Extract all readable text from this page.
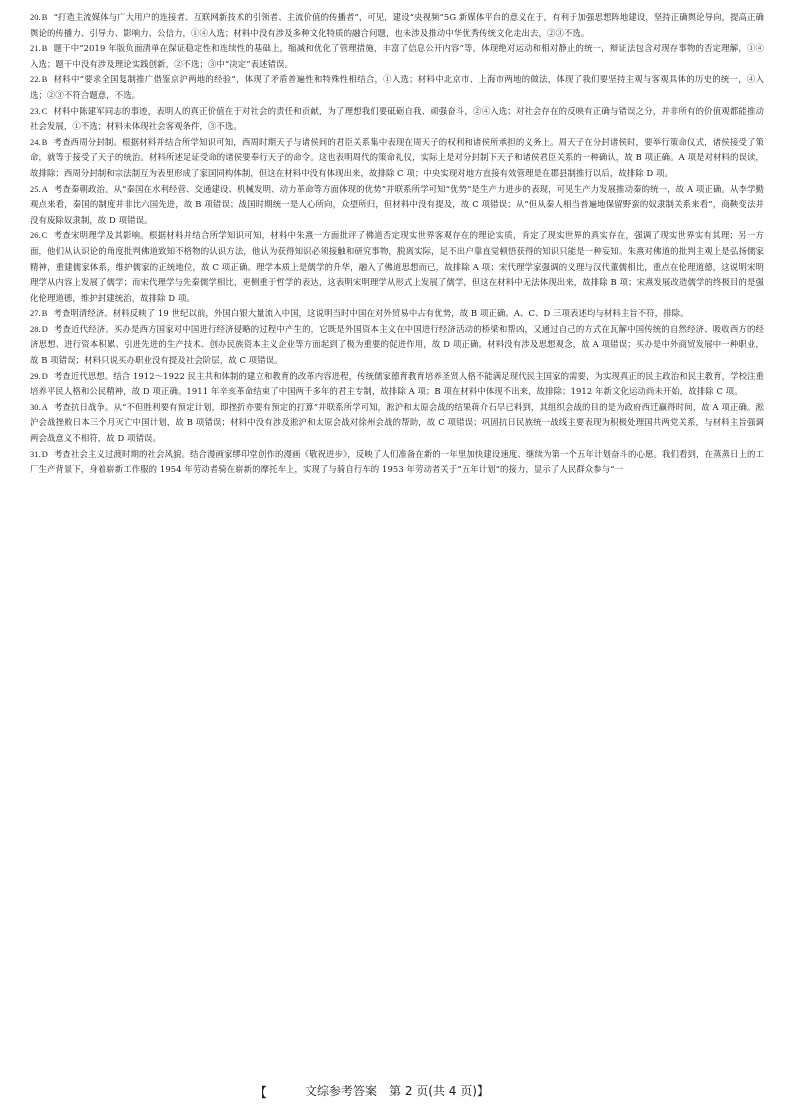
20.B “打造主流媒体与广大用户的连接者、互联网新技术的引领者、主流价值的传播者”，可见，建设“央视频”5G 新媒体平台的意义在于，有利于加强思想阵地建设，坚持正确舆论导向，提高正确舆论的传播力、引导力、影响力、公信力，①④入选；材料中没有涉及多种文化特质的融合问题，也未涉及推动中华优秀传统文化走出去，②③不选。

21.B 题干中“2019 年版负面清单在保证稳定性和连续性的基础上，缩减和优化了管理措施，丰富了信息公开内容”等，体现绝对运动和相对静止的统一，辩证法包含对现存事物的否定理解，①④入选；题干中没有涉及理论实践创新，②不选；③中“决定”表述错误。

22.B 材料中“要求全国复制推广借鉴京沪两地的经验”，体现了矛盾普遍性和特殊性相结合，①入选；材料中北京市、上海市两地的做法，体现了我们要坚持主观与客观具体的历史的统一，④入选；②③不符合题意，不选。

23.C 材料中陈建军同志的事迹，表明人的真正价值在于对社会的责任和贡献，为了理想我们要砥砺自我、顽强奋斗，②④入选；对社会存在的反映有正确与错误之分，并非所有的价值观都能推动社会发展，①不选；材料未体现社会客观条件，③不选。

24.B 考查西周分封制。根据材料并结合所学知识可知，西周时期天子与诸侯间的君臣关系集中表现在周天子的权利和诸侯所承担的义务上。周天子在分封诸侯时，要举行策命仪式，诸侯接受了策命，就等于接受了天子的统治。材料所述足证受命的诸侯要奉行天子的命令。这也表明周代的策命礼仪，实际上是对分封制下天子和诸侯君臣关系的一种确认，故 B 项正确。A 项是对材料的误读，故排除；西周分封制和宗法制互为表里形成了家国同构体制，但这在材料中没有体现出来，故排除 C 项；中央实现对地方直接有效管理是在郡县制推行以后，故排除 D 项。

25.A 考查秦朝政治。从“秦国在水利经营、交通建设、机械发明、动力革命等方面体现的优势”并联系所学可知“优势”是生产力进步的表现，可见生产力发展推动秦的统一，故 A 项正确。从李学勤观点来看，秦国的制度并非比六国先进，故 B 项错误；战国时期统一是人心所向，众望所归，但材料中没有提及，故 C 项错误；从“但从秦人相当普遍地保留野蛮的奴隶制关系来看”，商鞅变法并没有废除奴隶制，故 D 项错误。

26.C 考查宋明理学及其影响。根据材料并结合所学知识可知，材料中朱熹一方面批评了佛道否定现实世界客观存在的理论实质，肯定了现实世界的真实存在，强调了现实世界实有其理；另一方面，他们从认识论的角度批判佛道致知不格物的认识方法，他认为获得知识必须接触和研究事物，脱离实际，足不出户靠直觉顿悟获得的知识只能是一种妄知。朱熹对佛道的批判主观上是弘扬儒家精神，重建儒家体系，维护儒家的正统地位，故 C 项正确。理学本质上是儒学的升华，融入了佛道思想而已，故排除 A 项；宋代理学家强调的义理与汉代董儒相比，重点在伦理道德，这说明宋明理学从内容上发展了儒学；而宋代理学与先秦儒学相比，更侧重于哲学的表达，这表明宋明理学从形式上发展了儒学，但这在材料中无法体现出来，故排除 B 项；宋熹发展改造儒学的终极目的是强化伦理道德，维护封建统治，故排除 D 项。

27.B 考查明清经济。材料反映了 19 世纪以前，外国白银大量流入中国，这说明当时中国在对外贸易中占有优势，故 B 项正确。A、C、D 三项表述均与材料主旨不符，排除。

28.D 考查近代经济。买办是西方国家对中国进行经济侵略的过程中产生的，它既是外国资本主义在中国进行经济活动的桥梁和帮凶，又通过自己的方式在瓦解中国传统的自然经济、吸收西方的经济思想、进行资本积累、引进先进的生产技术、创办民族资本主义企业等方面起到了极为重要的促进作用，故 D 项正确。材料没有涉及思想观念，故 A 项错误；买办是中外商贸发展中一种职业，故 B 项错误；材料只说买办职业没有提及社会阶层，故 C 项错误。

29.D 考查近代思想。结合 1912～1922 民主共和体制的建立和教育的改革内容进程，传统儒家德育教育培养圣贤人格不能满足现代民主国家的需要，为实现真正的民主政治和民主教育，学校注重培养平民人格和公民精神，故 D 项正确。1911 年辛亥革命结束了中国两千多年的君主专制，故排除 A 项；B 项在材料中体现不出来，故排除；1912 年新文化运动尚未开始，故排除 C 项。

30.A 考查抗日战争。从“不但胜利要有预定计划，即挫折亦要有预定的打算”并联系所学可知，淞沪和太原会战的结果蒋介石早已料到，其组织会战的目的是为政府西迁赢得时间，故 A 项正确。淞沪会战挫败日本三个月灭亡中国计划，故 B 项错误；材料中没有涉及淞沪和太原会战对徐州会战的帮助，故 C 项错误；巩固抗日民族统一战线主要表现为积极处理国共两党关系，与材料主旨强调两会战意义不相符，故 D 项错误。

31.D 考查社会主义过渡时期的社会风貌。结合漫画家缪印堂创作的漫画《敬祝进步》，反映了人们准备在新的一年里加快建设速度、继续为第一个五年计划奋斗的心愿。我们看到，在蒸蒸日上的工厂生产背景下，身着崭新工作服的 1954 年劳动者骑在崭新的摩托车上，实现了与骑自行车的 1953 年劳动者关于“五年计划”的接力，显示了人民群众参与“一

【	文综参考答案　第 2 页(共 4 页)】
